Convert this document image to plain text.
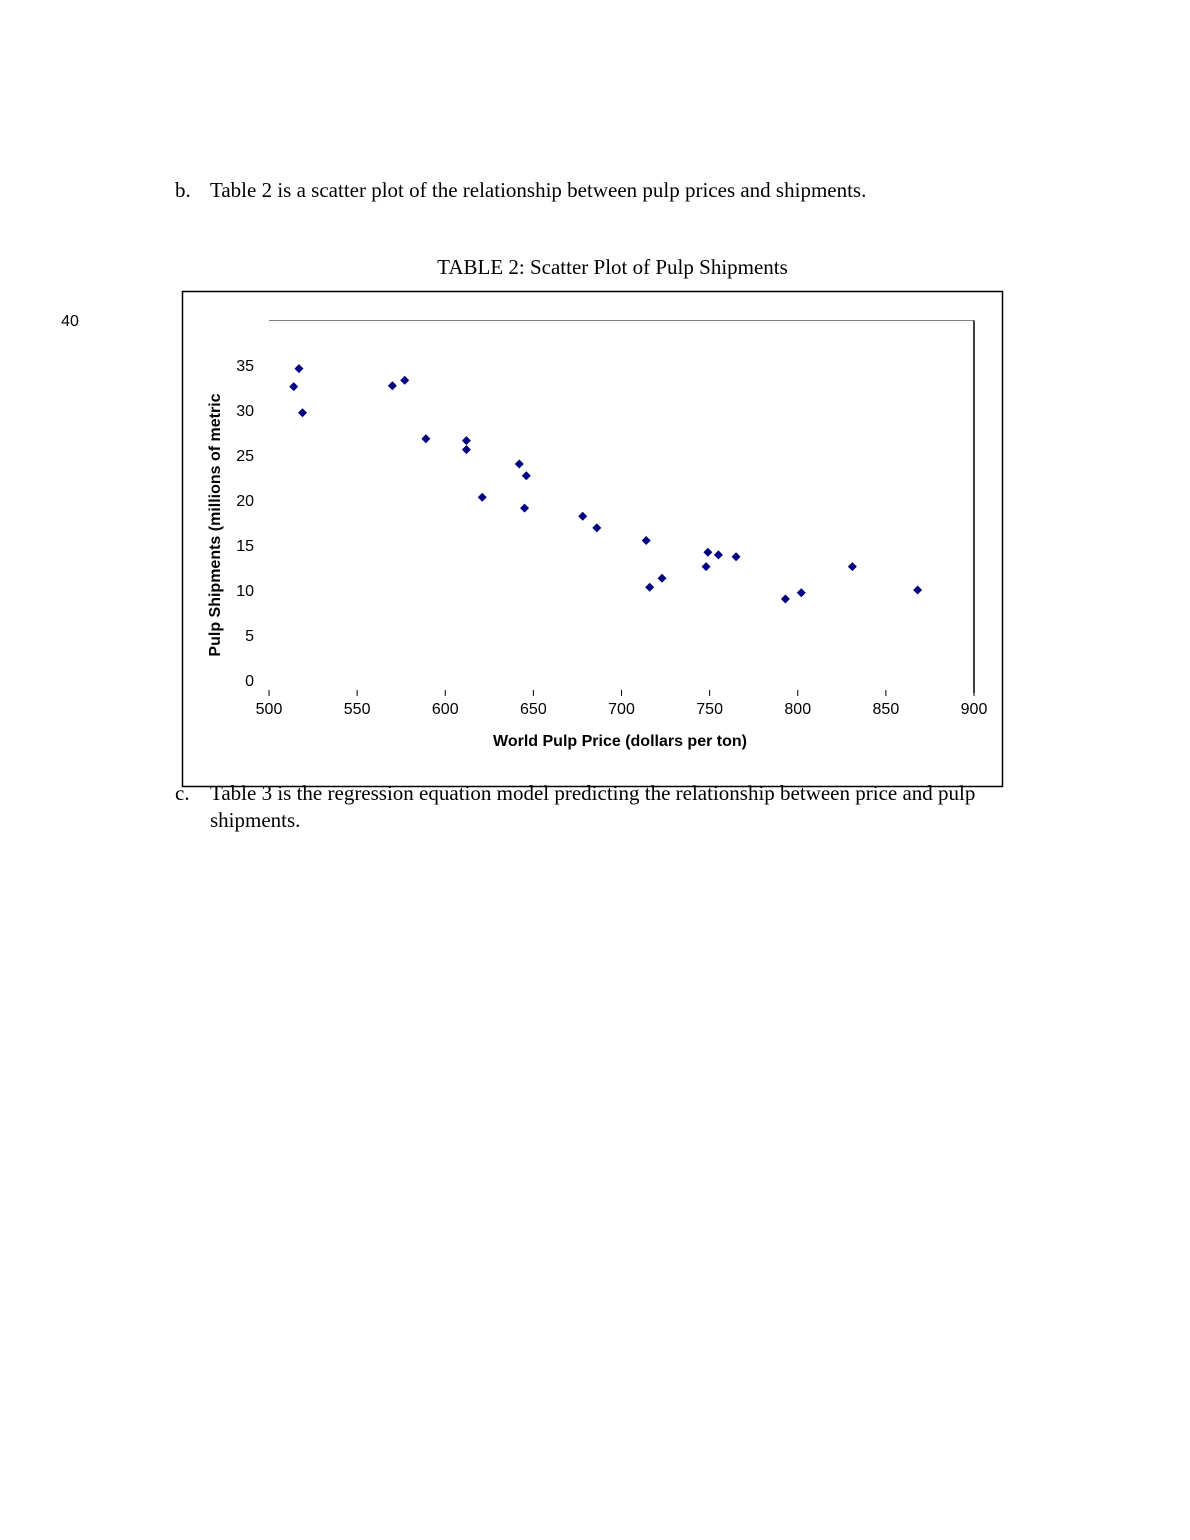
b. Table 2 is a scatter plot of the relationship between pulp prices and shipments.
TABLE 2: Scatter Plot of Pulp Shipments
0
5
10
15
20
25
30
35
40
500	550	600	650	700	750	800	850	900
World Pulp Price (dollars per ton)
Pulp Shipments (millions of metric
c. Table 3 is the regression equation model predicting the relationship between price and pulp
shipments.
